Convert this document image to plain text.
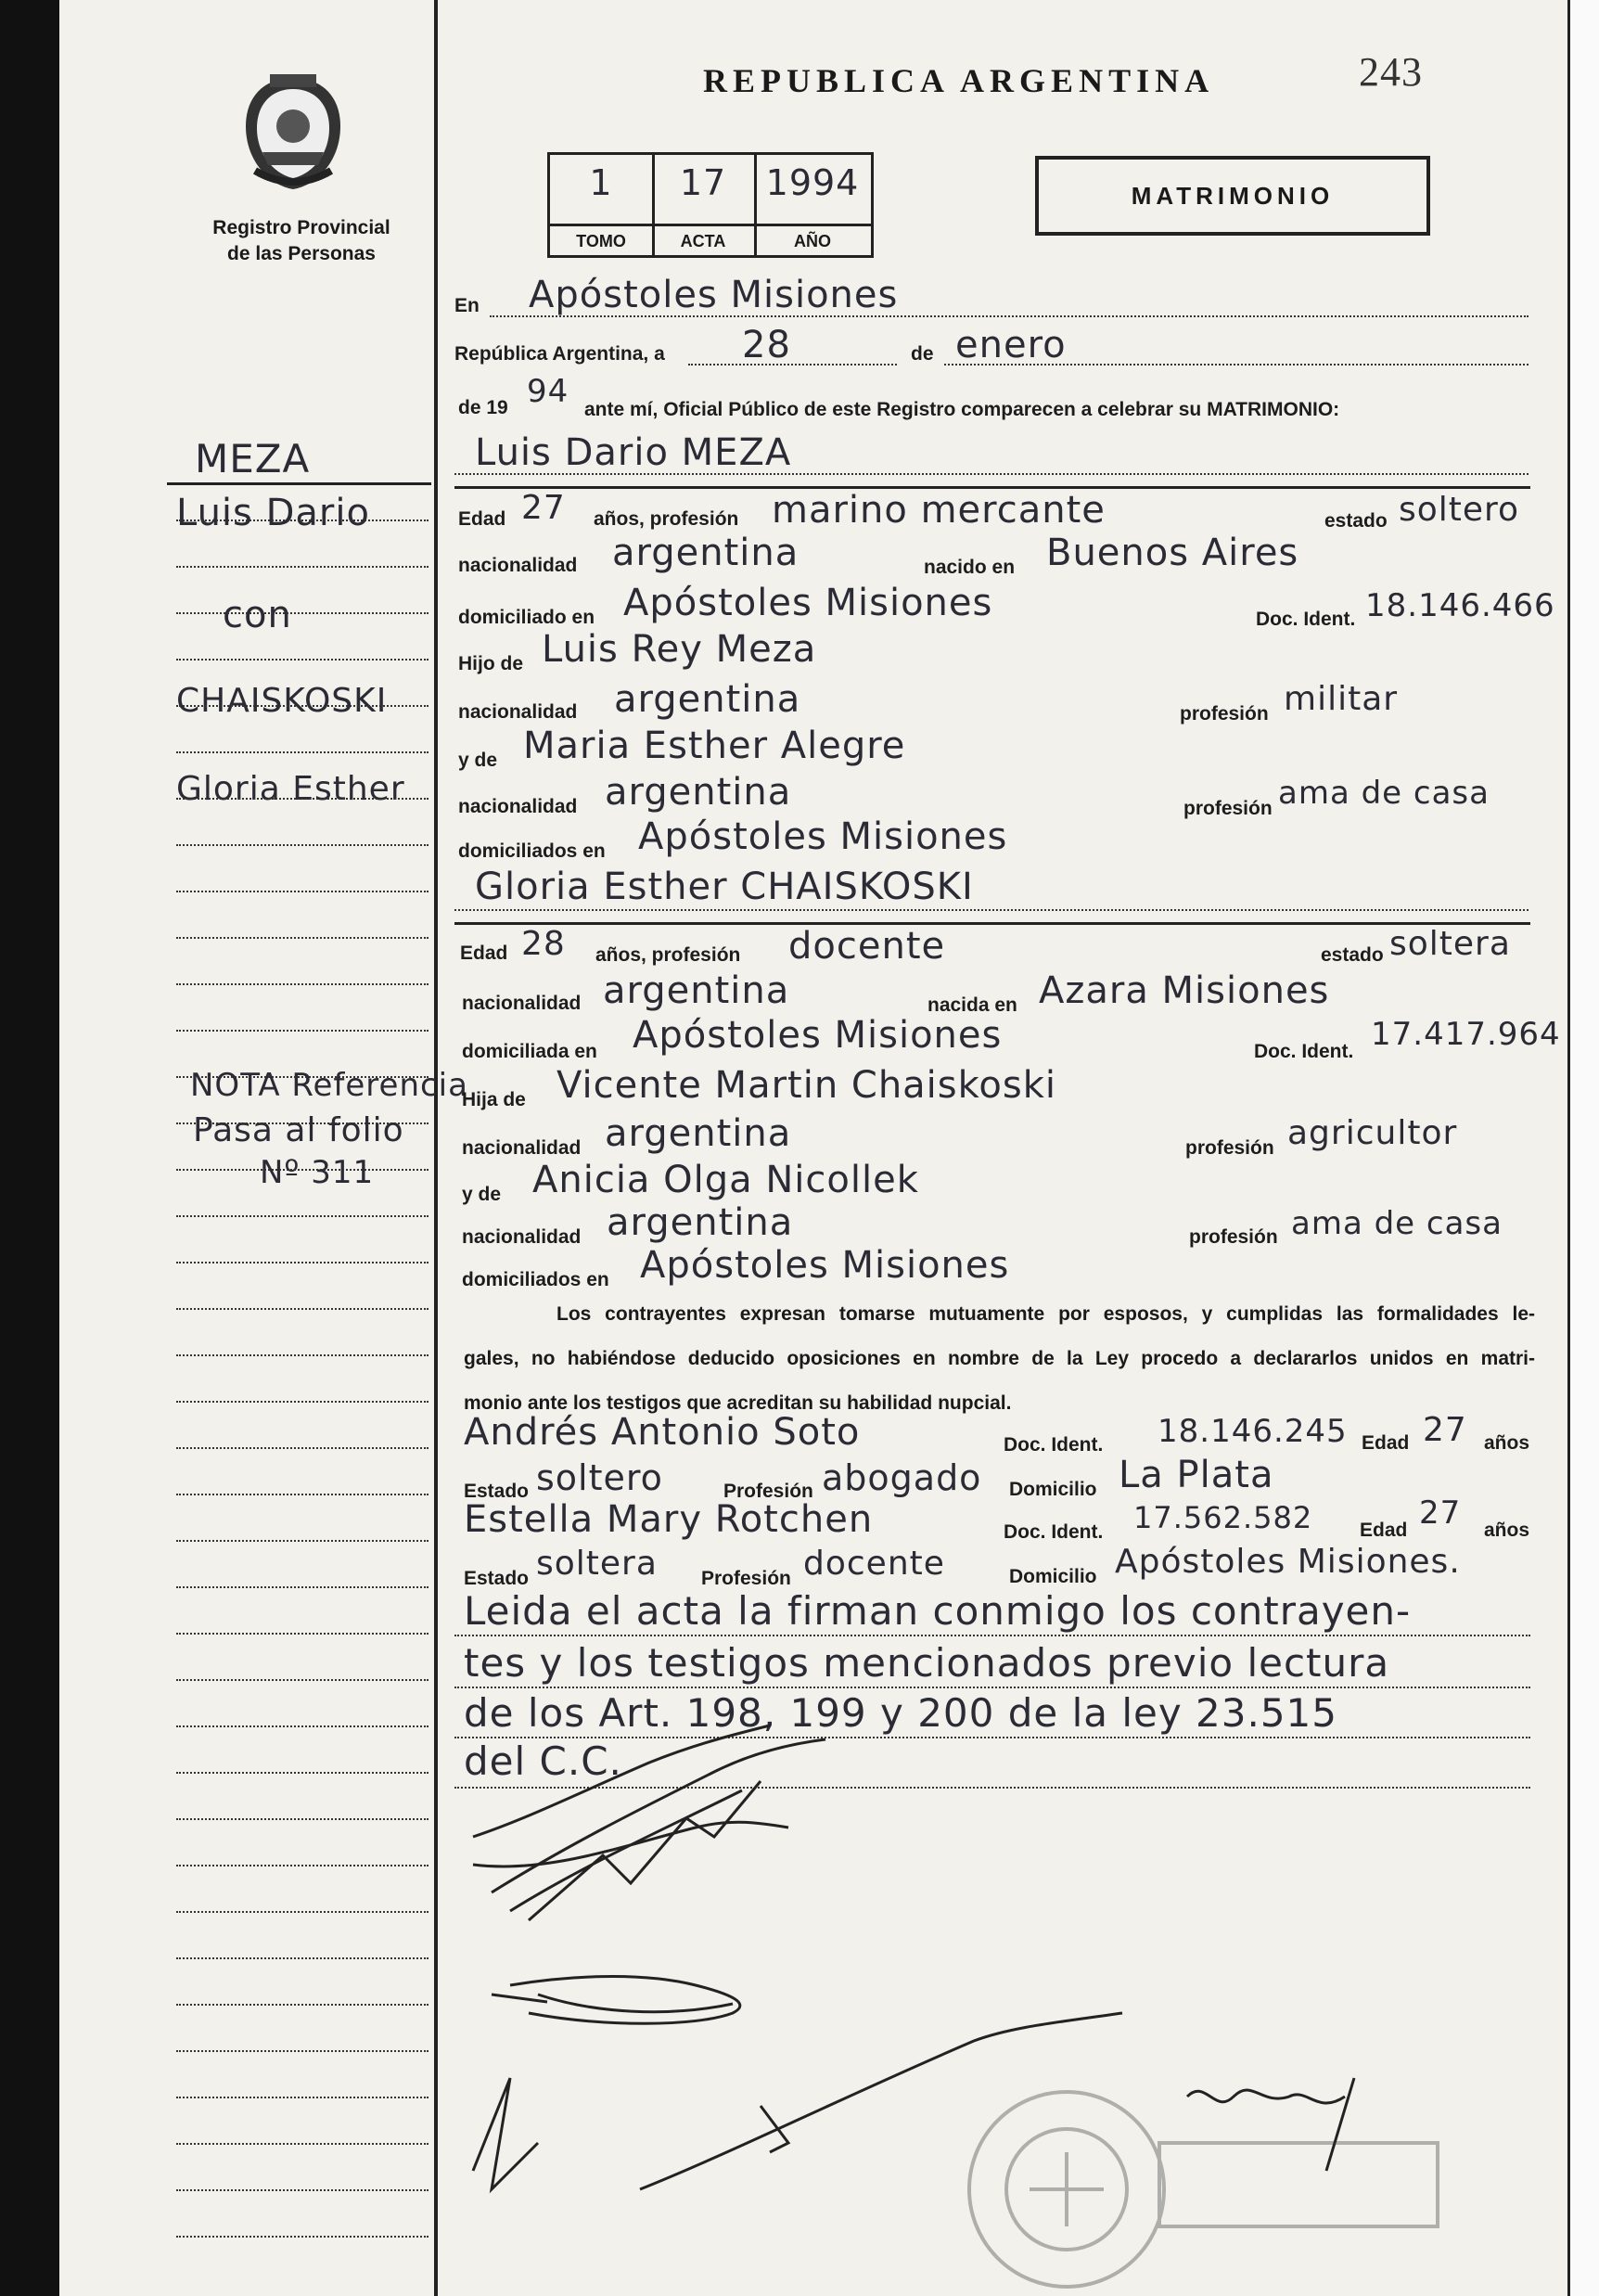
Registro Provincial
de las Personas
REPUBLICA ARGENTINA	243
1
TOMO
17
ACTA
1994
AÑO
MATRIMONIO
En Apóstoles Misiones
República Argentina, a 28	de enero
de 19 94 ante mí, Oficial Público de este Registro comparecen a celebrar su MATRIMONIO:
MEZA
Luis Dario
con
CHAISKOSKI
Gloria Esther
NOTA Referencia
Pasa al folio
Nº 311
Luis Dario MEZA
Edad 27 años, profesión marino mercante	estado soltero
nacionalidad argentina	nacido en Buenos Aires
domiciliado en Apóstoles Misiones	Doc. Ident. 18.146.466
Hijo de Luis Rey Meza
nacionalidad argentina	profesión militar
y de Maria Esther Alegre
nacionalidad argentina	profesión ama de casa
domiciliados en Apóstoles Misiones
Gloria Esther CHAISKOSKI
Edad 28 años, profesión docente	estado soltera
nacionalidad argentina	nacida en Azara Misiones
domiciliada en Apóstoles Misiones	Doc. Ident. 17.417.964
Hija de Vicente Martin Chaiskoski
nacionalidad argentina	profesión agricultor
y de Anicia Olga Nicollek
nacionalidad argentina	profesión ama de casa
domiciliados en Apóstoles Misiones
Los contrayentes expresan tomarse mutuamente por esposos, y cumplidas las formalidades le-
gales, no habiéndose deducido oposiciones en nombre de la Ley procedo a declararlos unidos en matri-
monio ante los testigos que acreditan su habilidad nupcial.
Andrés Antonio Soto	Doc. Ident. 18.146.245 Edad 27 años
Estado soltero	Profesión abogado Domicilio La Plata
Estella Mary Rotchen	Doc. Ident. 17.562.582 Edad 27 años
Estado soltera Profesión docente	Domicilio Apóstoles Misiones.
Leida el acta la firman conmigo los contrayen-
tes y los testigos mencionados previo lectura
de los Art. 198, 199 y 200 de la ley 23.515
del C.C.
